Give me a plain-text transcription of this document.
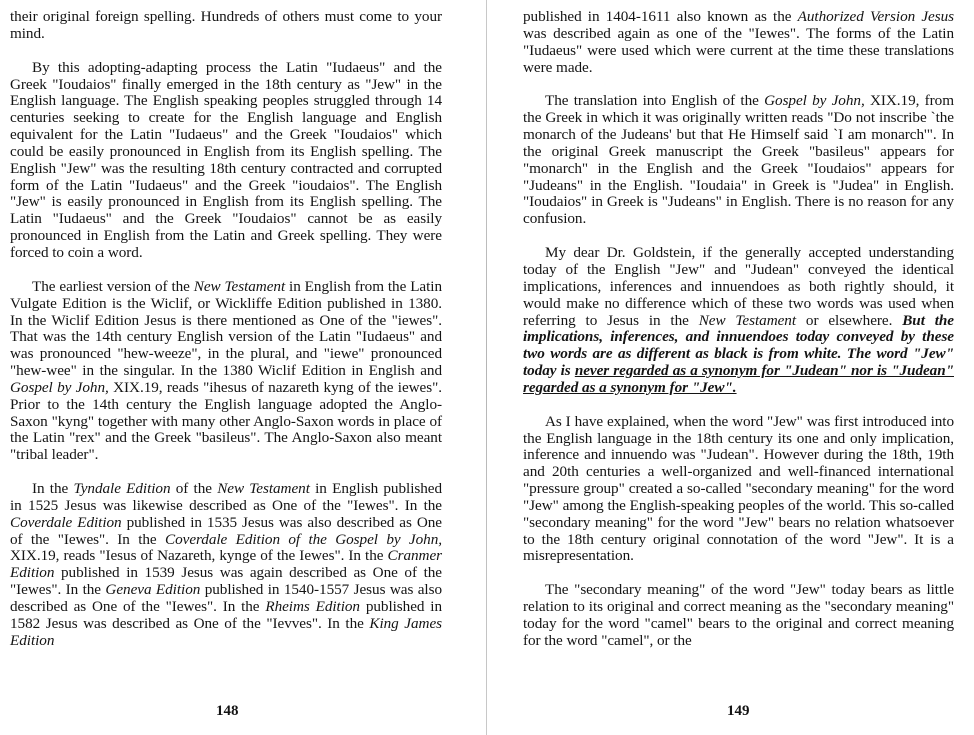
their original foreign spelling. Hundreds of others must come to your mind.

By this adopting-adapting process the Latin "Iudaeus" and the Greek "Ioudaios" finally emerged in the 18th century as "Jew" in the English language. The English speaking peoples struggled through 14 centuries seeking to create for the English language and English equivalent for the Latin "Iudaeus" and the Greek "Ioudaios" which could be easily pronounced in English from its English spelling. The English "Jew" was the resulting 18th century contracted and corrupted form of the Latin "Iudaeus" and the Greek "ioudaios". The English "Jew" is easily pronounced in English from its English spelling. The Latin "Iudaeus" and the Greek "Ioudaios" cannot be as easily pronounced in English from the Latin and Greek spelling. They were forced to coin a word.

The earliest version of the New Testament in English from the Latin Vulgate Edition is the Wiclif, or Wickliffe Edition published in 1380. In the Wiclif Edition Jesus is there mentioned as One of the "iewes". That was the 14th century English version of the Latin "Iudaeus" and was pronounced "hew-weeze", in the plural, and "iewe" pronounced "hew-wee" in the singular. In the 1380 Wiclif Edition in English and Gospel by John, XIX.19, reads "ihesus of nazareth kyng of the iewes". Prior to the 14th century the English language adopted the Anglo-Saxon "kyng" together with many other Anglo-Saxon words in place of the Latin "rex" and the Greek "basileus". The Anglo-Saxon also meant "tribal leader".

In the Tyndale Edition of the New Testament in English published in 1525 Jesus was likewise described as One of the "Iewes". In the Coverdale Edition published in 1535 Jesus was also described as One of the "Iewes". In the Coverdale Edition of the Gospel by John, XIX.19, reads "Iesus of Nazareth, kynge of the Iewes". In the Cranmer Edition published in 1539 Jesus was again described as One of the "Iewes". In the Geneva Edition published in 1540-1557 Jesus was also described as One of the "Iewes". In the Rheims Edition published in 1582 Jesus was described as One of the "Ievves". In the King James Edition

148

published in 1404-1611 also known as the Authorized Version Jesus was described again as one of the "Iewes". The forms of the Latin "Iudaeus" were used which were current at the time these translations were made.

The translation into English of the Gospel by John, XIX.19, from the Greek in which it was originally written reads "Do not inscribe `the monarch of the Judeans' but that He Himself said `I am monarch'". In the original Greek manuscript the Greek "basileus" appears for "monarch" in the English and the Greek "Ioudaios" appears for "Judeans" in the English. "Ioudaia" in Greek is "Judea" in English. "Ioudaios" in Greek is "Judeans" in English. There is no reason for any confusion.

My dear Dr. Goldstein, if the generally accepted understanding today of the English "Jew" and "Judean" conveyed the identical implications, inferences and innuendoes as both rightly should, it would make no difference which of these two words was used when referring to Jesus in the New Testament or elsewhere. But the implications, inferences, and innuendoes today conveyed by these two words are as different as black is from white. The word "Jew" today is never regarded as a synonym for "Judean" nor is "Judean" regarded as a synonym for "Jew".

As I have explained, when the word "Jew" was first introduced into the English language in the 18th century its one and only implication, inference and innuendo was "Judean". However during the 18th, 19th and 20th centuries a well-organized and well-financed international "pressure group" created a so-called "secondary meaning" for the word "Jew" among the English-speaking peoples of the world. This so-called "secondary meaning" for the word "Jew" bears no relation whatsoever to the 18th century original connotation of the word "Jew". It is a misrepresentation.

The "secondary meaning" of the word "Jew" today bears as little relation to its original and correct meaning as the "secondary meaning" today for the word "camel" bears to the original and correct meaning for the word "camel", or the

149
